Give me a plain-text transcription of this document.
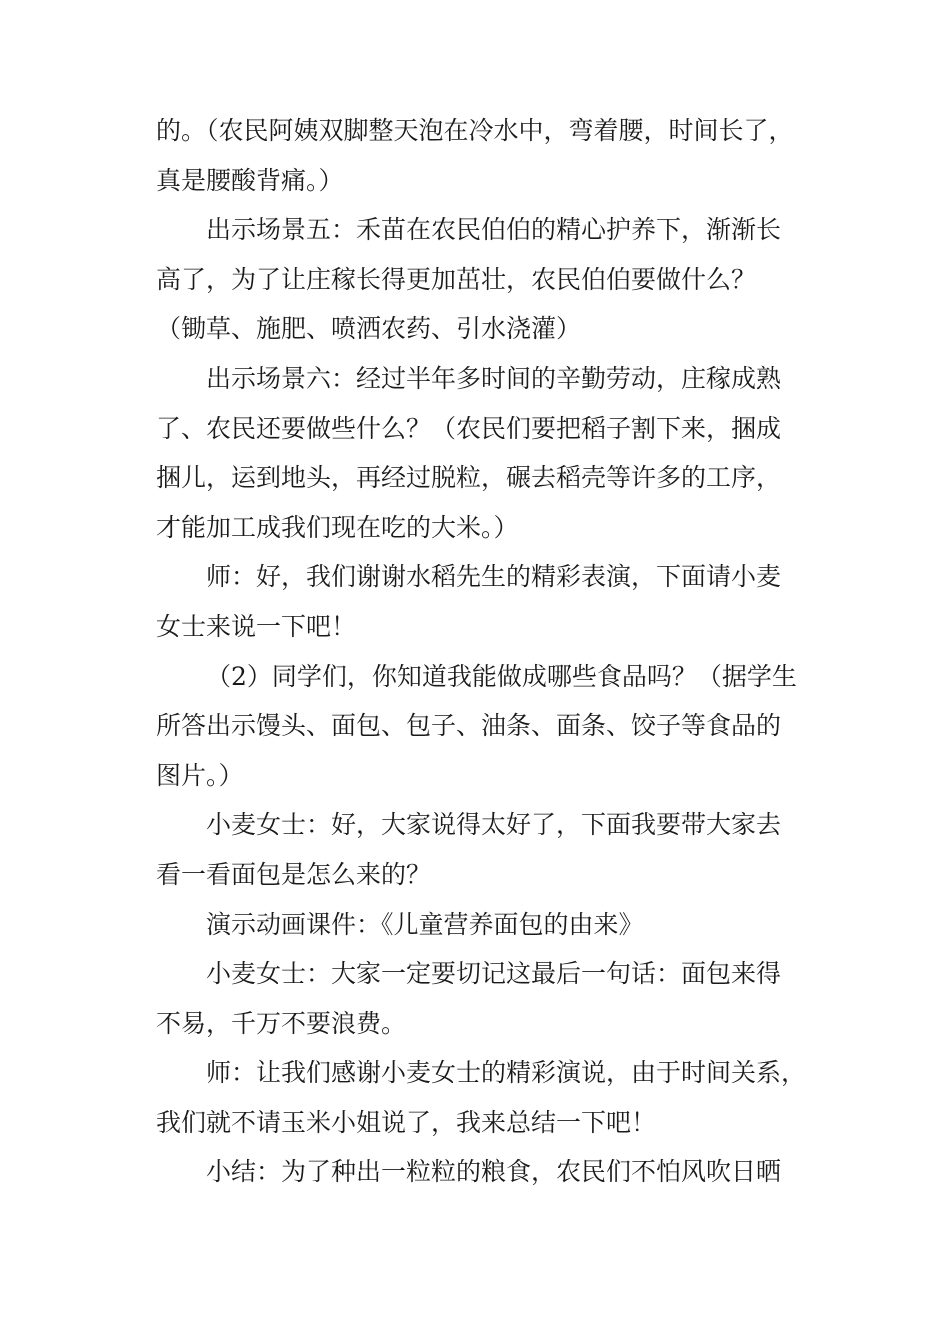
的。（农民阿姨双脚整天泡在冷水中，弯着腰，时间长了，
真是腰酸背痛。）
出示场景五：禾苗在农民伯伯的精心护养下，渐渐长
高了，为了让庄稼长得更加茁壮，农民伯伯要做什么？
（锄草、施肥、喷洒农药、引水浇灌）
出示场景六：经过半年多时间的辛勤劳动，庄稼成熟
了、农民还要做些什么？（农民们要把稻子割下来，捆成
捆儿，运到地头，再经过脱粒，碾去稻壳等许多的工序，
才能加工成我们现在吃的大米。）
师：好，我们谢谢水稻先生的精彩表演，下面请小麦
女士来说一下吧！
（2）同学们，你知道我能做成哪些食品吗？（据学生
所答出示馒头、面包、包子、油条、面条、饺子等食品的
图片。）
小麦女士：好，大家说得太好了，下面我要带大家去
看一看面包是怎么来的？
演示动画课件：《儿童营养面包的由来》
小麦女士：大家一定要切记这最后一句话：面包来得
不易，千万不要浪费。
师：让我们感谢小麦女士的精彩演说，由于时间关系，
我们就不请玉米小姐说了，我来总结一下吧！
小结：为了种出一粒粒的粮食，农民们不怕风吹日晒
